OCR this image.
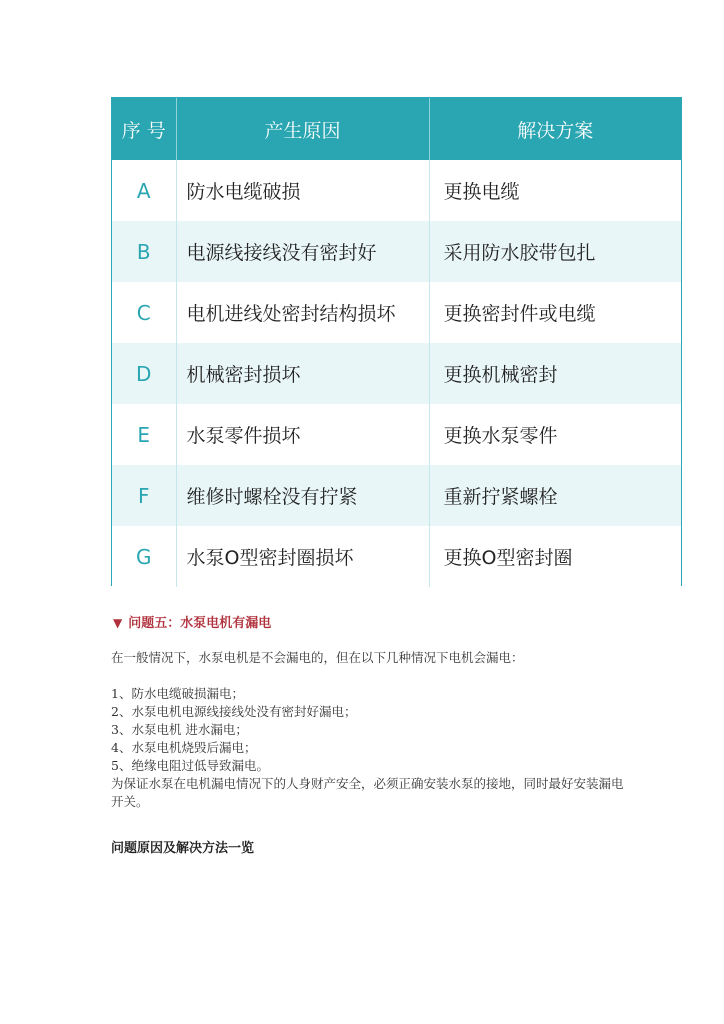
序 号	产生原因	解决方案
A	防水电缆破损	更换电缆
B	电源线接线没有密封好	采用防水胶带包扎
C	电机进线处密封结构损坏	更换密封件或电缆
D	机械密封损坏	更换机械密封
E	水泵零件损坏	更换水泵零件
F	维修时螺栓没有拧紧	重新拧紧螺栓
G	水泵O型密封圈损坏	更换O型密封圈
▼ 问题五：水泵电机有漏电
在一般情况下，水泵电机是不会漏电的，但在以下几种情况下电机会漏电：
1、防水电缆破损漏电；
2、水泵电机电源线接线处没有密封好漏电；
3、水泵电机 进水漏电；
4、水泵电机烧毁后漏电；
5、绝缘电阻过低导致漏电。
为保证水泵在电机漏电情况下的人身财产安全，必须正确安装水泵的接地，同时最好安装漏电开关。
问题原因及解决方法一览
